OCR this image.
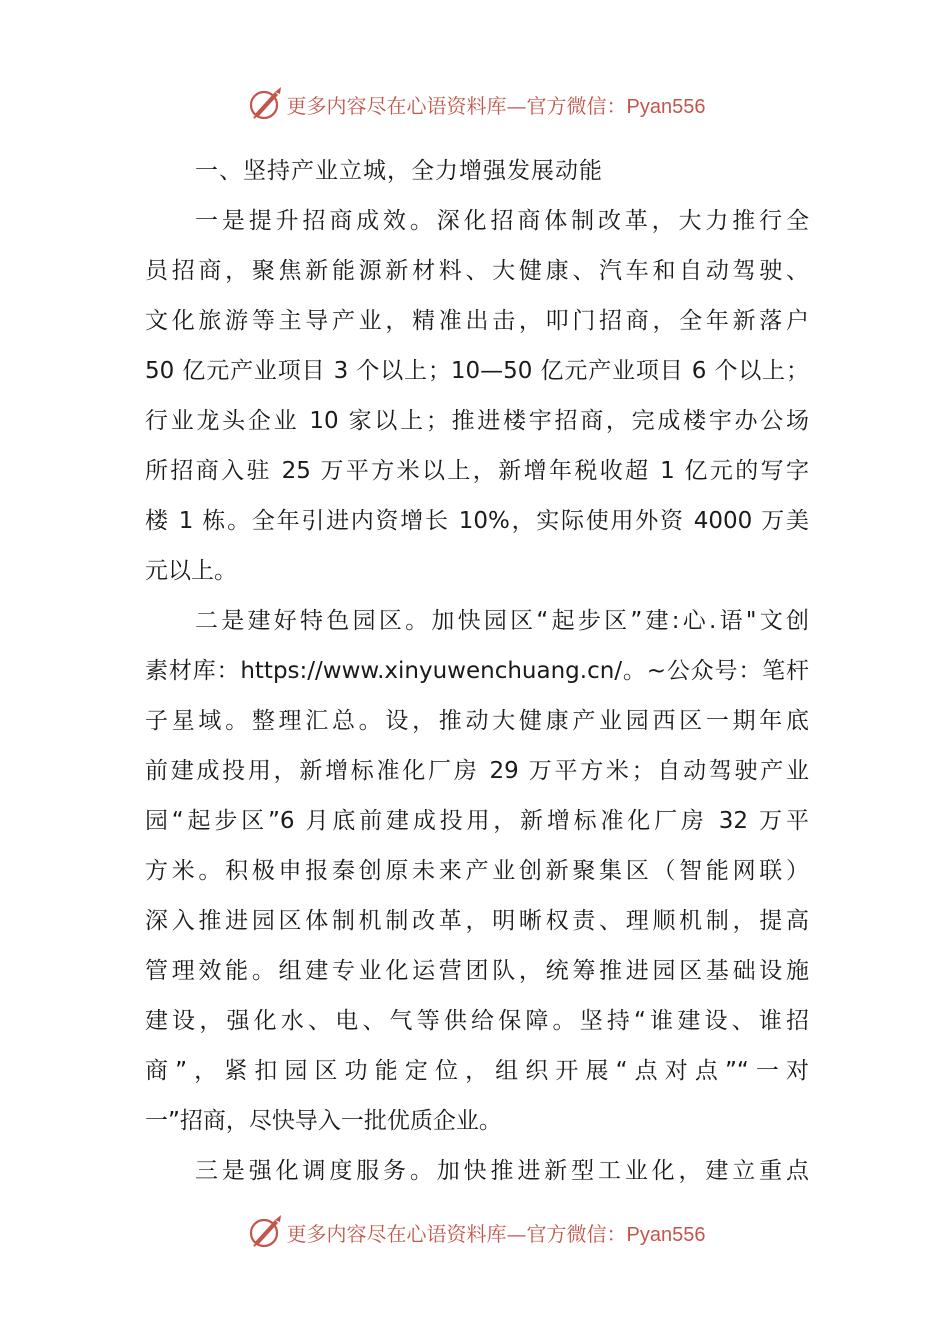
更多内容尽在心语资料库—官方微信：Pyan556
一、坚持产业立城，全力增强发展动能
一是提升招商成效。深化招商体制改革，大力推行全
员招商，聚焦新能源新材料、大健康、汽车和自动驾驶、
文化旅游等主导产业，精准出击，叩门招商，全年新落户
50 亿元产业项目 3 个以上；10—50 亿元产业项目 6 个以上；
行业龙头企业 10 家以上；推进楼宇招商，完成楼宇办公场
所招商入驻 25 万平方米以上，新增年税收超 1 亿元的写字
楼 1 栋。全年引进内资增长 10%，实际使用外资 4000 万美
元以上。
二是建好特色园区。加快园区“起步区”建:心.语"文创
素材库：https://www.xinyuwenchuang.cn/。~公众号：笔杆
子星域。整理汇总。设，推动大健康产业园西区一期年底
前建成投用，新增标准化厂房 29 万平方米；自动驾驶产业
园“起步区”6 月底前建成投用，新增标准化厂房 32 万平
方米。积极申报秦创原未来产业创新聚集区（智能网联）
深入推进园区体制机制改革，明晰权责、理顺机制，提高
管理效能。组建专业化运营团队，统筹推进园区基础设施
建设，强化水、电、气等供给保障。坚持“谁建设、谁招
商”，紧扣园区功能定位，组织开展“点对点”“一对
一”招商，尽快导入一批优质企业。
三是强化调度服务。加快推进新型工业化，建立重点
更多内容尽在心语资料库—官方微信：Pyan556
